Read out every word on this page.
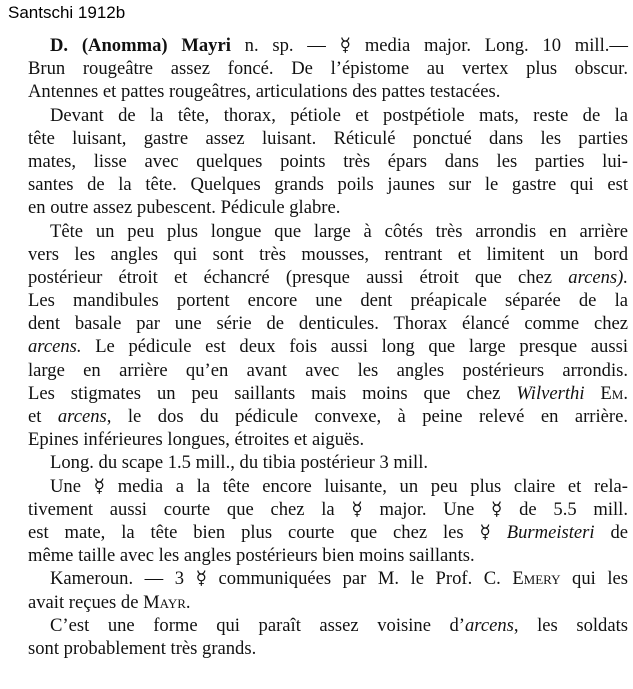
Santschi 1912b
D. (Anomma) Mayri n. sp. — ☿ media major. Long. 10 mill.—
Brun rougeâtre assez foncé. De l’épistome au vertex plus obscur.
Antennes et pattes rougeâtres, articulations des pattes testacées.
Devant de la tête, thorax, pétiole et postpétiole mats, reste de la
tête luisant, gastre assez luisant. Réticulé ponctué dans les parties
mates, lisse avec quelques points très épars dans les parties lui-
santes de la tête. Quelques grands poils jaunes sur le gastre qui est
en outre assez pubescent. Pédicule glabre.
Tête un peu plus longue que large à côtés très arrondis en arrière
vers les angles qui sont très mousses, rentrant et limitent un bord
postérieur étroit et échancré (presque aussi étroit que chez arcens).
Les mandibules portent encore une dent préapicale séparée de la
dent basale par une série de denticules. Thorax élancé comme chez
arcens. Le pédicule est deux fois aussi long que large presque aussi
large en arrière qu’en avant avec les angles postérieurs arrondis.
Les stigmates un peu saillants mais moins que chez Wilverthi Em.
et arcens, le dos du pédicule convexe, à peine relevé en arrière.
Epines inférieures longues, étroites et aiguës.
Long. du scape 1.5 mill., du tibia postérieur 3 mill.
Une ☿ media a la tête encore luisante, un peu plus claire et rela-
tivement aussi courte que chez la ☿ major. Une ☿ de 5.5 mill.
est mate, la tête bien plus courte que chez les ☿ Burmeisteri de
même taille avec les angles postérieurs bien moins saillants.
Kameroun. — 3 ☿ communiquées par M. le Prof. C. Emery qui les
avait reçues de Mayr.
C’est une forme qui paraît assez voisine d’arcens, les soldats
sont probablement très grands.
